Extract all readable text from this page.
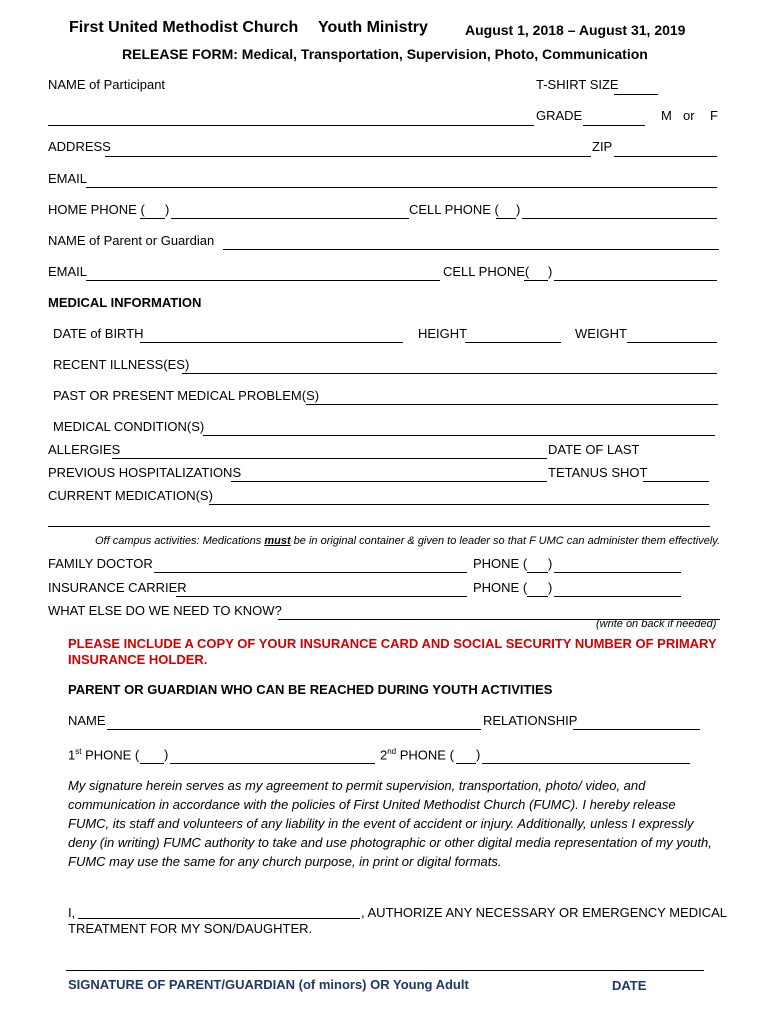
First United Methodist Church Youth Ministry	August 1, 2018 – August 31, 2019
RELEASE FORM: Medical, Transportation, Supervision, Photo, Communication
NAME of Participant	T-SHIRT SIZE
GRADE	M or F
ADDRESS	ZIP
EMAIL
HOME PHONE ( )	CELL PHONE ( )
NAME of Parent or Guardian
EMAIL	CELL PHONE( )
MEDICAL INFORMATION
DATE of BIRTH	HEIGHT	WEIGHT
RECENT ILLNESS(ES)
PAST OR PRESENT MEDICAL PROBLEM(S)
MEDICAL CONDITION(S)
ALLERGIES	DATE OF LAST
PREVIOUS HOSPITALIZATIONS	TETANUS SHOT
CURRENT MEDICATION(S)
Off campus activities: Medications must be in original container & given to leader so that F UMC can administer them effectively.
FAMILY DOCTOR	PHONE ( )
INSURANCE CARRIER	PHONE ( )
WHAT ELSE DO WE NEED TO KNOW?
(write on back if needed)
PLEASE INCLUDE A COPY OF YOUR INSURANCE CARD AND SOCIAL SECURITY NUMBER OF PRIMARY
INSURANCE HOLDER.
PARENT OR GUARDIAN WHO CAN BE REACHED DURING YOUTH ACTIVITIES
NAME	RELATIONSHIP
1st PHONE ( )	2nd PHONE ( )
My signature herein serves as my agreement to permit supervision, transportation, photo/ video, and communication in accordance with the policies of First United Methodist Church (FUMC). I hereby release FUMC, its staff and volunteers of any liability in the event of accident or injury. Additionally, unless I expressly deny (in writing) FUMC authority to take and use photographic or other digital media representation of my youth, FUMC may use the same for any church purpose, in print or digital formats.
I,	, AUTHORIZE ANY NECESSARY OR EMERGENCY MEDICAL
TREATMENT FOR MY SON/DAUGHTER.
SIGNATURE OF PARENT/GUARDIAN (of minors) OR Young Adult	DATE
